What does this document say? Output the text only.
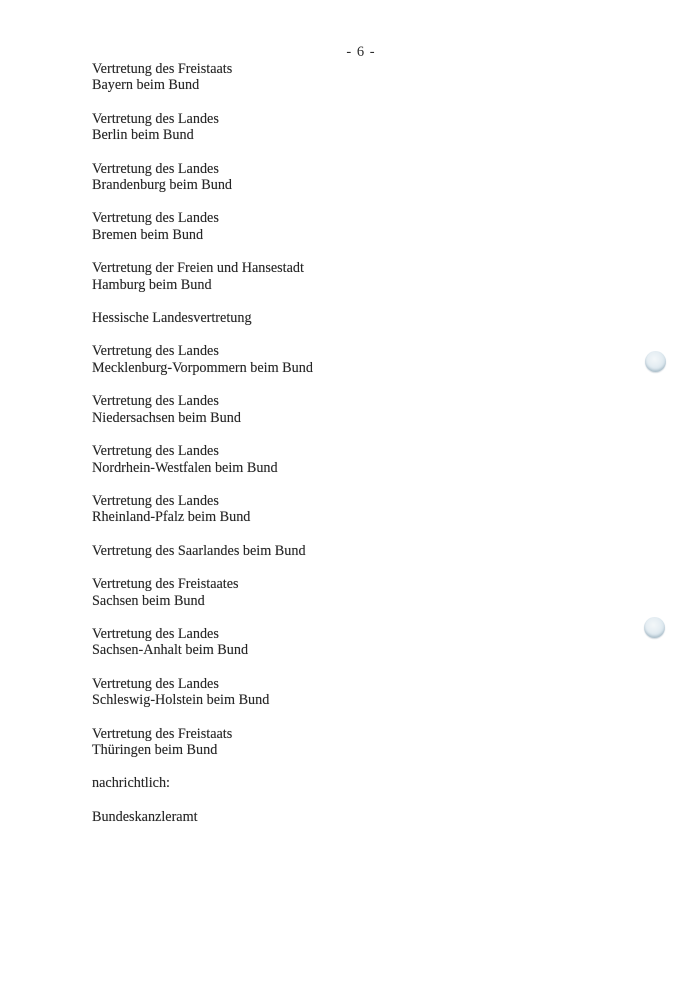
- 6 -

Vertretung des Freistaats
Bayern beim Bund

Vertretung des Landes
Berlin beim Bund

Vertretung des Landes
Brandenburg beim Bund

Vertretung des Landes
Bremen beim Bund

Vertretung der Freien und Hansestadt
Hamburg beim Bund

Hessische Landesvertretung

Vertretung des Landes
Mecklenburg-Vorpommern beim Bund

Vertretung des Landes
Niedersachsen beim Bund

Vertretung des Landes
Nordrhein-Westfalen beim Bund

Vertretung des Landes
Rheinland-Pfalz beim Bund

Vertretung des Saarlandes beim Bund

Vertretung des Freistaates
Sachsen beim Bund

Vertretung des Landes
Sachsen-Anhalt beim Bund

Vertretung des Landes
Schleswig-Holstein beim Bund

Vertretung des Freistaats
Thüringen beim Bund

nachrichtlich:

Bundeskanzleramt
